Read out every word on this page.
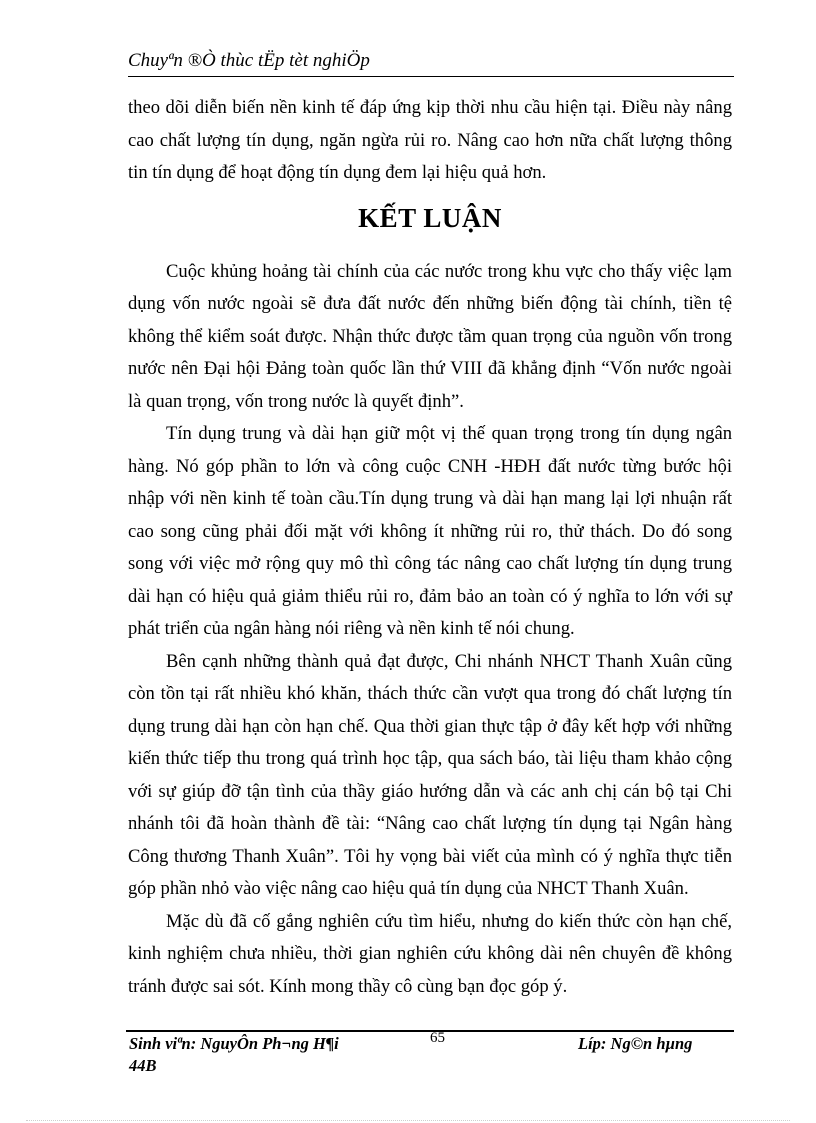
Chuyªn ®Ò thùc tËp tèt nghiÖp

theo dõi diễn biến nền kinh tế đáp ứng kịp thời nhu cầu hiện tại. Điều này nâng cao chất lượng tín dụng, ngăn ngừa rủi ro. Nâng cao hơn nữa chất lượng thông tin tín dụng để hoạt động tín dụng đem lại hiệu quả hơn.

KẾT LUẬN

Cuộc khủng hoảng tài chính của các nước trong khu vực cho thấy việc lạm dụng vốn nước ngoài sẽ đưa đất nước đến những biến động tài chính, tiền tệ không thể kiểm soát được. Nhận thức được tầm quan trọng của nguồn vốn trong nước nên Đại hội Đảng toàn quốc lần thứ VIII đã khẳng định “Vốn nước ngoài là quan trọng, vốn trong nước là quyết định”.

Tín dụng trung và dài hạn giữ một vị thế quan trọng trong tín dụng ngân hàng. Nó góp phần to lớn và công cuộc CNH -HĐH đất nước từng bước hội nhập với nền kinh tế toàn cầu.Tín dụng trung và dài hạn mang lại lợi nhuận rất cao song cũng phải đối mặt với không ít những rủi ro, thử thách. Do đó song song với việc mở rộng quy mô thì công tác nâng cao chất lượng tín dụng trung dài hạn có hiệu quả giảm thiểu rủi ro, đảm bảo an toàn có ý nghĩa to lớn với sự phát triển của ngân hàng nói riêng và nền kinh tế nói chung.

Bên cạnh những thành quả đạt được, Chi nhánh NHCT Thanh Xuân cũng còn tồn tại rất nhiều khó khăn, thách thức cần vượt qua trong đó chất lượng tín dụng trung dài hạn còn hạn chế. Qua thời gian thực tập ở đây kết hợp với những kiến thức tiếp thu trong quá trình học tập, qua sách báo, tài liệu tham khảo cộng với sự giúp đỡ tận tình của thầy giáo hướng dẫn và các anh chị cán bộ tại Chi nhánh tôi đã hoàn thành đề tài: “Nâng cao chất lượng tín dụng tại Ngân hàng Công thương Thanh Xuân”. Tôi hy vọng bài viết của mình có ý nghĩa thực tiễn góp phần nhỏ vào việc nâng cao hiệu quả tín dụng của NHCT Thanh Xuân.

Mặc dù đã cố gắng nghiên cứu tìm hiểu, nhưng do kiến thức còn hạn chế, kinh nghiệm chưa nhiều, thời gian nghiên cứu không dài nên chuyên đề không tránh được sai sót. Kính mong thầy cô cùng bạn đọc góp ý.

Sinh viªn: NguyÔn Ph¬ng H¶i	65	Líp: Ng©n hµng
44B
